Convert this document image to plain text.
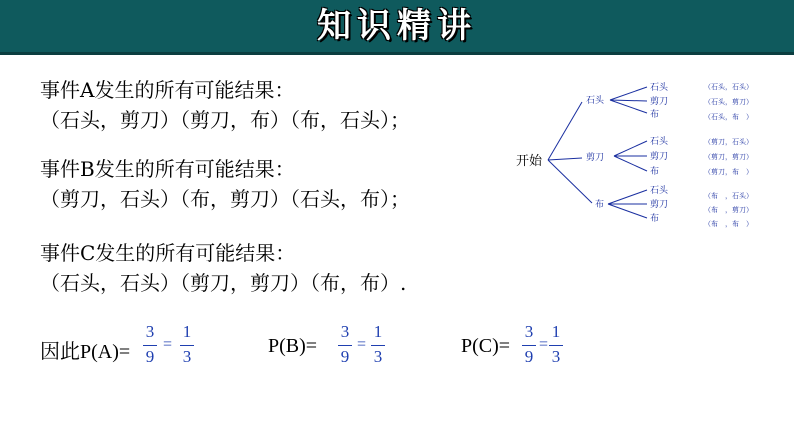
知识精讲
事件A发生的所有可能结果：
（石头，剪刀）（剪刀，布）（布，石头）；
事件B发生的所有可能结果：
（剪刀，石头）（布，剪刀）（石头，布）；
事件C发生的所有可能结果：
（石头，石头）（剪刀，剪刀）（布，布）.
因此P(A)=
3
9
=
1
3	P(B)=
3
9
=
1
3	P(C)=
3
9
=
1
3
开始
石头
剪刀
布
石头
剪刀
布
石头
剪刀
布
石头
剪刀
布
（石头，石头）
（石头，剪刀）
（石头，布　）
（剪刀，石头）
（剪刀，剪刀）
（剪刀，布　）
（布　，石头）
（布　，剪刀）
（布　，布　）
